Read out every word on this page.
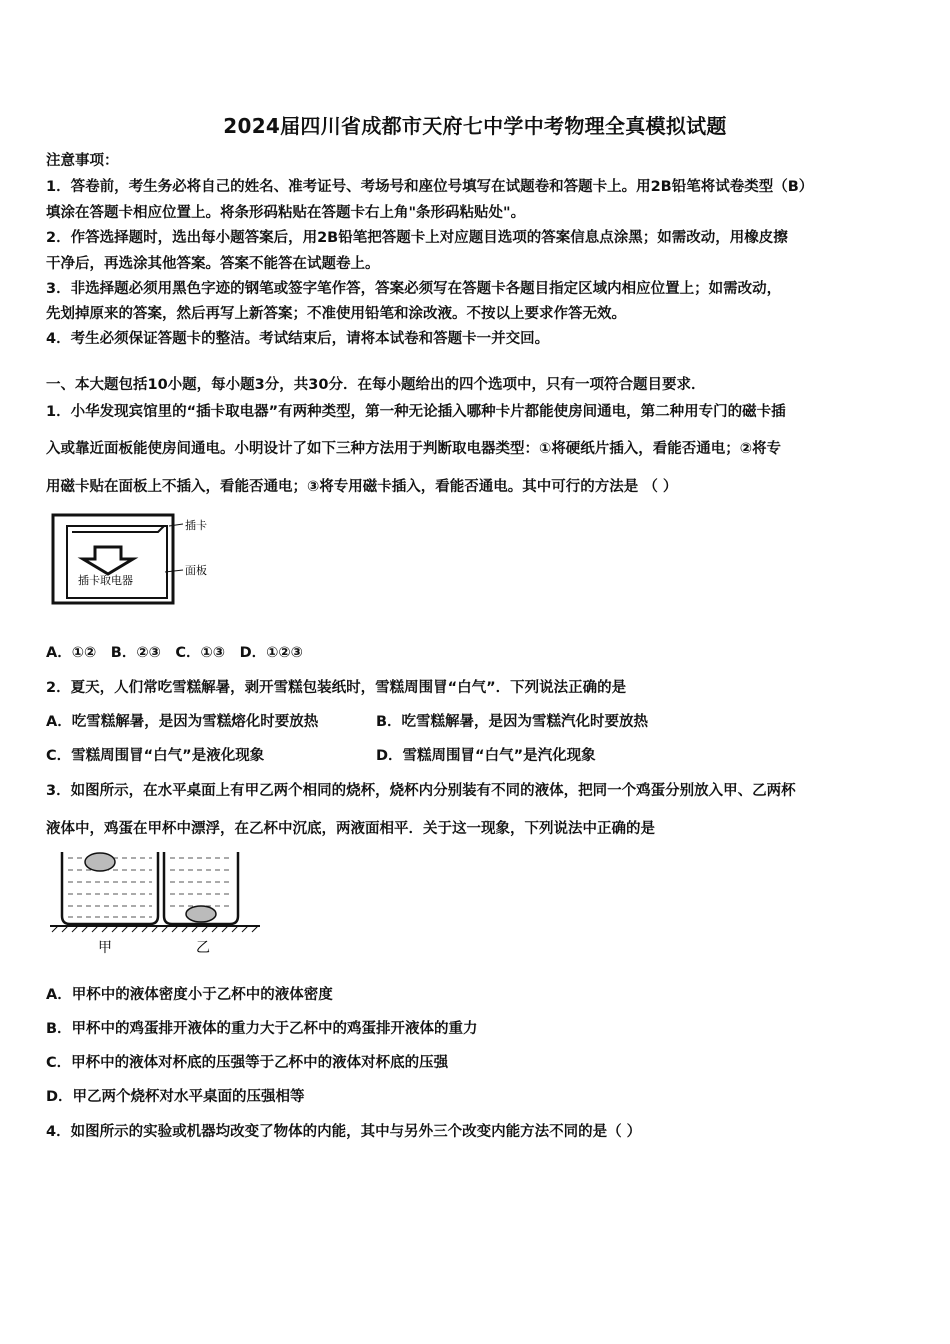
2024届四川省成都市天府七中学中考物理全真模拟试题
注意事项：
1．答卷前，考生务必将自己的姓名、准考证号、考场号和座位号填写在试题卷和答题卡上。用2B铅笔将试卷类型（B）
填涂在答题卡相应位置上。将条形码粘贴在答题卡右上角"条形码粘贴处"。
2．作答选择题时，选出每小题答案后，用2B铅笔把答题卡上对应题目选项的答案信息点涂黑；如需改动，用橡皮擦
干净后，再选涂其他答案。答案不能答在试题卷上。
3．非选择题必须用黑色字迹的钢笔或签字笔作答，答案必须写在答题卡各题目指定区域内相应位置上；如需改动，
先划掉原来的答案，然后再写上新答案；不准使用铅笔和涂改液。不按以上要求作答无效。
4．考生必须保证答题卡的整洁。考试结束后，请将本试卷和答题卡一并交回。
一、本大题包括10小题，每小题3分，共30分．在每小题给出的四个选项中，只有一项符合题目要求．
1．小华发现宾馆里的“插卡取电器”有两种类型，第一种无论插入哪种卡片都能使房间通电，第二种用专门的磁卡插
入或靠近面板能使房间通电。小明设计了如下三种方法用于判断取电器类型：①将硬纸片插入，看能否通电；②将专
用磁卡贴在面板上不插入，看能否通电；③将专用磁卡插入，看能否通电。其中可行的方法是 （ ）
插卡
面板
插卡取电器
A．①②　B．②③　C．①③　D．①②③
2．夏天，人们常吃雪糕解暑，剥开雪糕包装纸时，雪糕周围冒“白气”．下列说法正确的是
A．吃雪糕解暑，是因为雪糕熔化时要放热	B．吃雪糕解暑，是因为雪糕汽化时要放热
C．雪糕周围冒“白气”是液化现象	D．雪糕周围冒“白气”是汽化现象
3．如图所示，在水平桌面上有甲乙两个相同的烧杯，烧杯内分别装有不同的液体，把同一个鸡蛋分别放入甲、乙两杯
液体中，鸡蛋在甲杯中漂浮，在乙杯中沉底，两液面相平．关于这一现象，下列说法中正确的是
甲	乙
A．甲杯中的液体密度小于乙杯中的液体密度
B．甲杯中的鸡蛋排开液体的重力大于乙杯中的鸡蛋排开液体的重力
C．甲杯中的液体对杯底的压强等于乙杯中的液体对杯底的压强
D．甲乙两个烧杯对水平桌面的压强相等
4．如图所示的实验或机器均改变了物体的内能，其中与另外三个改变内能方法不同的是（ ）
